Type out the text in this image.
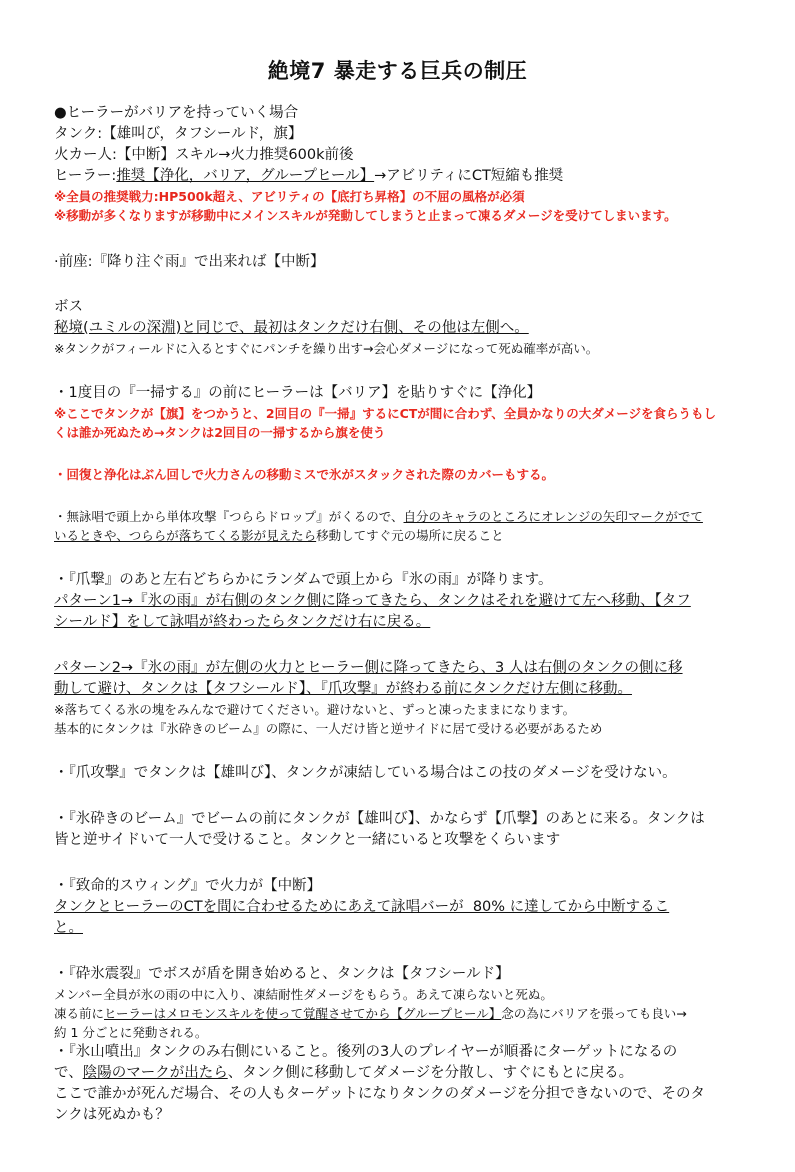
絶境7 暴走する巨兵の制圧

●ヒーラーがバリアを持っていく場合

タンク:【雄叫び，タフシールド，旗】

火カー人:【中断】スキル→火力推奨600k前後

ヒーラー:推奨【浄化，バリア，グループヒール】→アビリティにCT短縮も推奨

※全員の推奨戦力:HP500k超え、アビリティの【底打ち昇格】の不屈の風格が必須

※移動が多くなりますが移動中にメインスキルが発動してしまうと止まって凍るダメージを受けてしまいます。

·前座:『降り注ぐ雨』で出来れば【中断】

ボス

秘境(ユミルの深淵)と同じで、最初はタンクだけ右側、その他は左側へ。

※タンクがフィールドに入るとすぐにパンチを繰り出す→会心ダメージになって死ぬ確率が高い。

・1度目の『一掃する』の前にヒーラーは【バリア】を貼りすぐに【浄化】

※ここでタンクが【旗】をつかうと、2回目の『一掃』するにCTが間に合わず、全員かなりの大ダメージを食らうもし

くは誰か死ぬため→タンクは2回目の一掃するから旗を使う

・回復と浄化はぶん回しで火力さんの移動ミスで氷がスタックされた際のカバーもする。

・無詠唱で頭上から単体攻撃『つららドロップ』がくるので、自分のキャラのところにオレンジの矢印マークがでて

いるときや、つららが落ちてくる影が見えたら移動してすぐ元の場所に戻ること

・『爪撃』のあと左右どちらかにランダムで頭上から『氷の雨』が降ります。

パターン1→『氷の雨』が右側のタンク側に降ってきたら、タンクはそれを避けて左へ移動、【タフ

シールド】をして詠唱が終わったらタンクだけ右に戻る。

パターン2→『氷の雨』が左側の火力とヒーラー側に降ってきたら、3 人は右側のタンクの側に移

動して避け、タンクは【タフシールド】、『爪攻撃』が終わる前にタンクだけ左側に移動。

※落ちてくる氷の塊をみんなで避けてください。避けないと、ずっと凍ったままになります。

基本的にタンクは『氷砕きのビーム』の際に、一人だけ皆と逆サイドに居て受ける必要があるため

・『爪攻撃』でタンクは【雄叫び】、タンクが凍結している場合はこの技のダメージを受けない。

・『氷砕きのビーム』でビームの前にタンクが【雄叫び】、かならず【爪撃】のあとに来る。タンクは

皆と逆サイドいて一人で受けること。タンクと一緒にいると攻撃をくらいます

・『致命的スウィング』で火力が【中断】

タンクとヒーラーのCTを間に合わせるためにあえて詠唱バーが  80% に達してから中断するこ

と。

・『砕氷震裂』でボスが盾を開き始めると、タンクは【タフシールド】

メンバー全員が氷の雨の中に入り、凍結耐性ダメージをもらう。あえて凍らないと死ぬ。

凍る前にヒーラーはメロモンスキルを使って覚醒させてから【グループヒール】念の為にバリアを張っても良い→

約 1 分ごとに発動される。

・『氷山噴出』タンクのみ右側にいること。後列の3人のプレイヤーが順番にターゲットになるの

で、陰陽のマークが出たら、タンク側に移動してダメージを分散し、すぐにもとに戻る。

ここで誰かが死んだ場合、その人もターゲットになりタンクのダメージを分担できないので、そのタ

ンクは死ぬかも？
